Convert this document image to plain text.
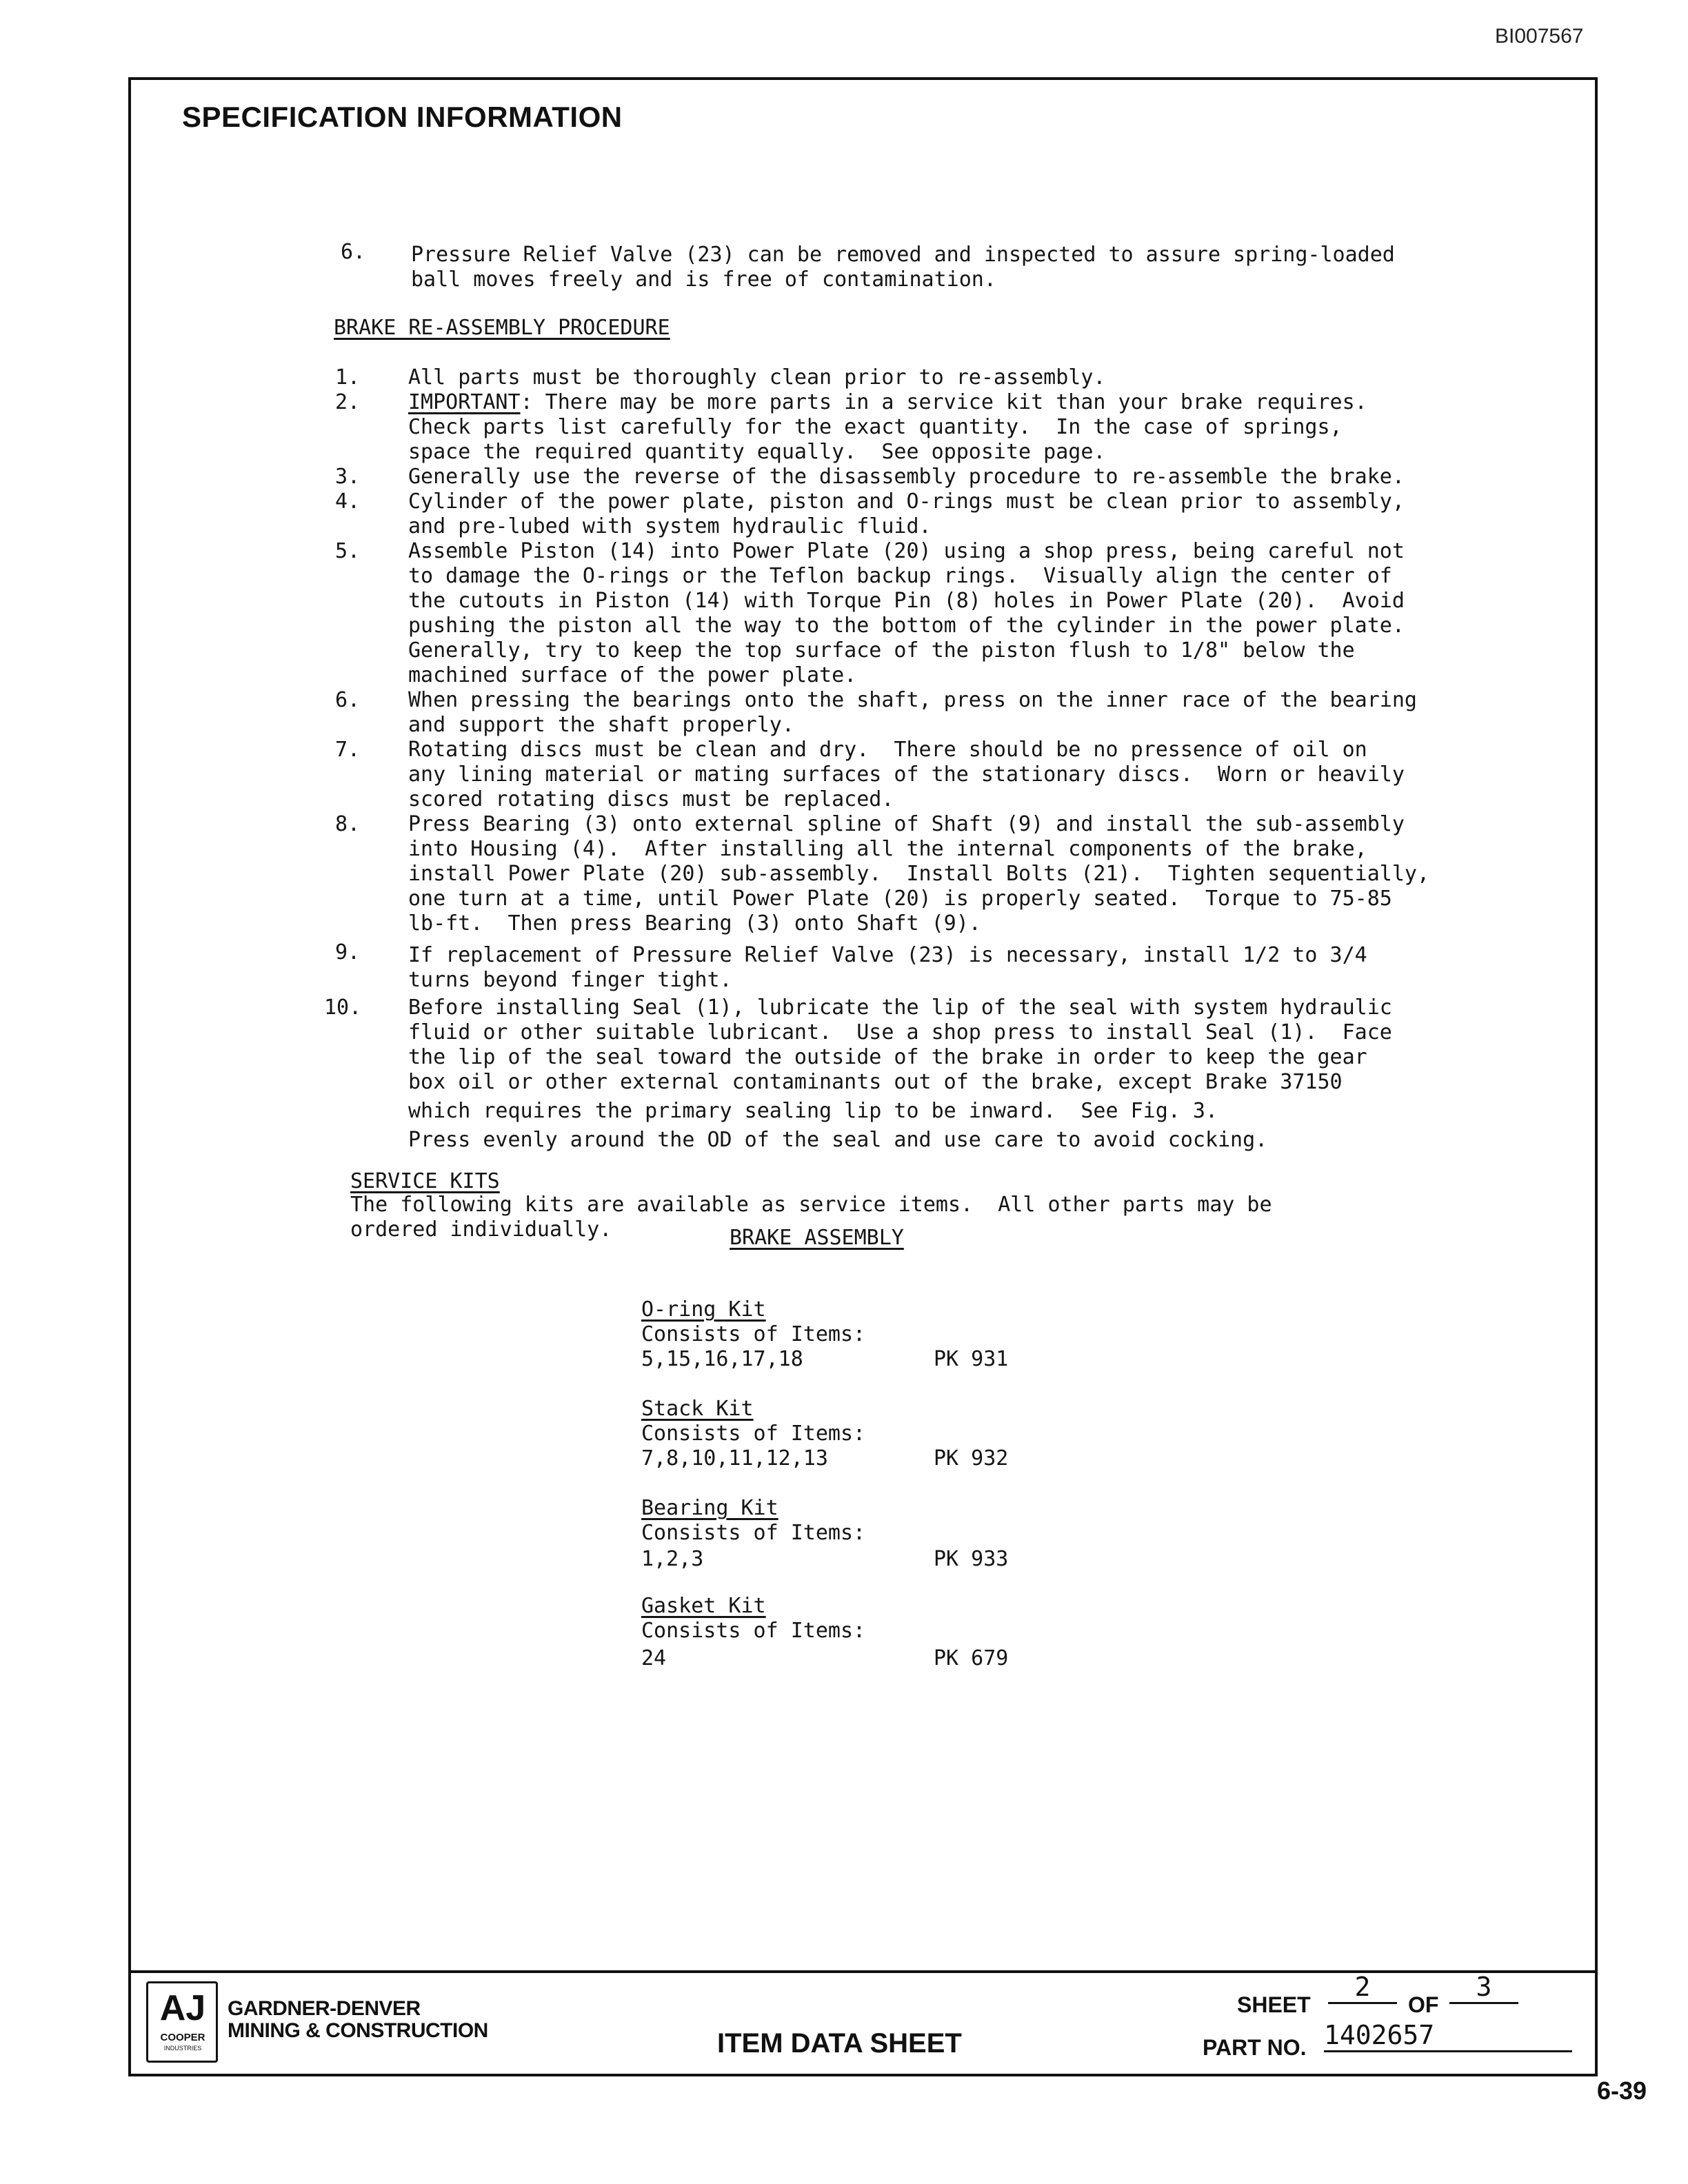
BI007567
SPECIFICATION INFORMATION
6. Pressure Relief Valve (23) can be removed and inspected to assure spring-loaded
ball moves freely and is free of contamination.
BRAKE RE-ASSEMBLY PROCEDURE
1. All parts must be thoroughly clean prior to re-assembly.
2. IMPORTANT: There may be more parts in a service kit than your brake requires.
Check parts list carefully for the exact quantity.  In the case of springs,
space the required quantity equally.  See opposite page.
3. Generally use the reverse of the disassembly procedure to re-assemble the brake.
4. Cylinder of the power plate, piston and O-rings must be clean prior to assembly,
and pre-lubed with system hydraulic fluid.
5. Assemble Piston (14) into Power Plate (20) using a shop press, being careful not
to damage the O-rings or the Teflon backup rings.  Visually align the center of
the cutouts in Piston (14) with Torque Pin (8) holes in Power Plate (20).  Avoid
pushing the piston all the way to the bottom of the cylinder in the power plate.
Generally, try to keep the top surface of the piston flush to 1/8" below the
machined surface of the power plate.
6. When pressing the bearings onto the shaft, press on the inner race of the bearing
and support the shaft properly.
7. Rotating discs must be clean and dry.  There should be no pressence of oil on
any lining material or mating surfaces of the stationary discs.  Worn or heavily
scored rotating discs must be replaced.
8. Press Bearing (3) onto external spline of Shaft (9) and install the sub-assembly
into Housing (4).  After installing all the internal components of the brake,
install Power Plate (20) sub-assembly.  Install Bolts (21).  Tighten sequentially,
one turn at a time, until Power Plate (20) is properly seated.  Torque to 75-85
lb-ft.  Then press Bearing (3) onto Shaft (9).
9. If replacement of Pressure Relief Valve (23) is necessary, install 1/2 to 3/4
turns beyond finger tight.
10. Before installing Seal (1), lubricate the lip of the seal with system hydraulic
fluid or other suitable lubricant.  Use a shop press to install Seal (1).  Face
the lip of the seal toward the outside of the brake in order to keep the gear
box oil or other external contaminants out of the brake, except Brake 37150
which requires the primary sealing lip to be inward.  See Fig. 3.
Press evenly around the OD of the seal and use care to avoid cocking.
SERVICE KITS
The following kits are available as service items.  All other parts may be
ordered individually.	BRAKE ASSEMBLY
O-ring Kit
Consists of Items:
5,15,16,17,18	PK 931
Stack Kit
Consists of Items:
7,8,10,11,12,13	PK 932
Bearing Kit
Consists of Items:
1,2,3	PK 933
Gasket Kit
Consists of Items:
24	PK 679
AJ
COOPER
INDUSTRIES
GARDNER-DENVER
MINING & CONSTRUCTION	ITEM DATA SHEET
SHEET
2
OF
3
PART NO. 1402657
6-39
